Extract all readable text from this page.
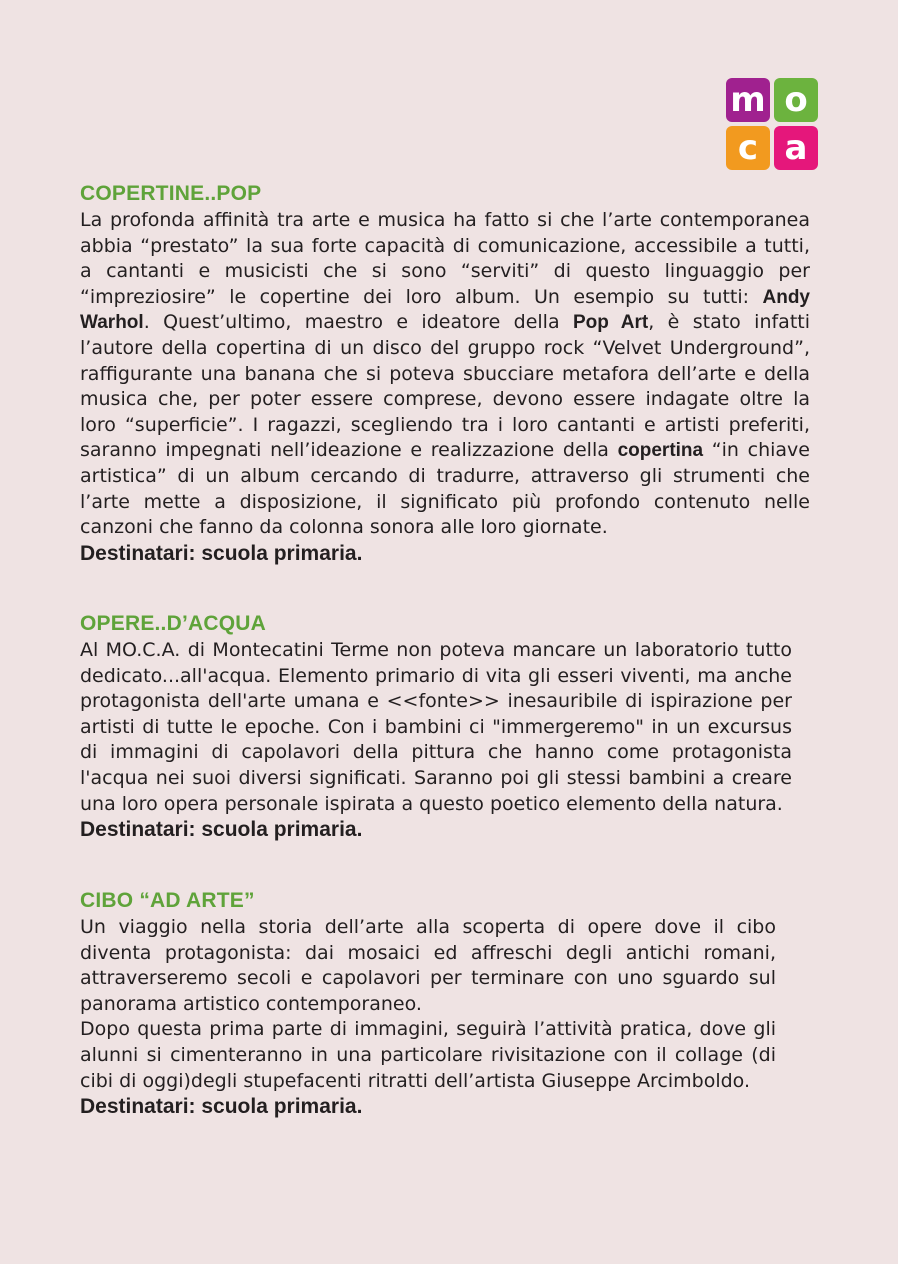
m o
c a
COPERTINE..POP

La profonda affinità tra arte e musica ha fatto si che l’arte contemporanea abbia “prestato” la sua forte capacità di comunicazione, accessibile a tutti, a cantanti e musicisti che si sono “serviti” di questo linguaggio per “impreziosire” le copertine dei loro album. Un esempio su tutti: Andy Warhol. Quest’ultimo, maestro e ideatore della Pop Art, è stato infatti l’autore della copertina di un disco del gruppo rock “Velvet Underground”, raffigurante una banana che si poteva sbucciare metafora dell’arte e della musica che, per poter essere comprese, devono essere indagate oltre la loro “superficie”. I ragazzi, scegliendo tra i loro cantanti e artisti preferiti, saranno impegnati nell’ideazione e realizzazione della copertina “in chiave artistica” di un album cercando di tradurre, attraverso gli strumenti che l’arte mette a disposizione, il significato più profondo contenuto nelle canzoni che fanno da colonna sonora alle loro giornate.

Destinatari: scuola primaria.

OPERE..D’ACQUA

Al MO.C.A. di Montecatini Terme non poteva mancare un laboratorio tutto dedicato...all'acqua. Elemento primario di vita gli esseri viventi, ma anche protagonista dell'arte umana e <<fonte>> inesauribile di ispirazione per artisti di tutte le epoche. Con i bambini ci "immergeremo" in un excursus di immagini di capolavori della pittura che hanno come protagonista l'acqua nei suoi diversi significati. Saranno poi gli stessi bambini a creare una loro opera personale ispirata a questo poetico elemento della natura.

Destinatari: scuola primaria.

CIBO “AD ARTE”

Un viaggio nella storia dell’arte alla scoperta di opere dove il cibo diventa protagonista: dai mosaici ed affreschi degli antichi romani, attraverseremo secoli e capolavori per terminare con uno sguardo sul panorama artistico contemporaneo.

Dopo questa prima parte di immagini, seguirà l’attività pratica, dove gli alunni si cimenteranno in una particolare rivisitazione con il collage (di cibi di oggi)degli stupefacenti ritratti dell’artista Giuseppe Arcimboldo.

Destinatari: scuola primaria.
